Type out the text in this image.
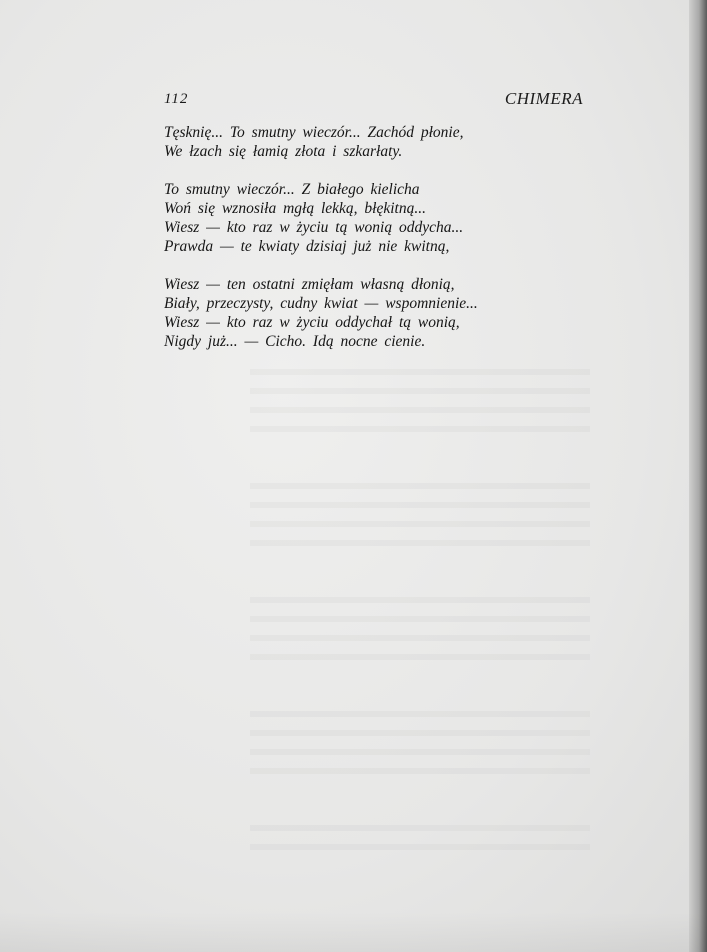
112	CHIMERA
Tęsknię... To smutny wieczór... Zachód płonie,
We łzach się łamią złota i szkarłaty.
To smutny wieczór... Z białego kielicha
Woń się wznosiła mgłą lekką, błękitną...
Wiesz — kto raz w życiu tą wonią oddycha...
Prawda — te kwiaty dzisiaj już nie kwitną,
Wiesz — ten ostatni zmięłam własną dłonią,
Biały, przeczysty, cudny kwiat — wspomnienie...
Wiesz — kto raz w życiu oddychał tą wonią,
Nigdy już... — Cicho. Idą nocne cienie.
